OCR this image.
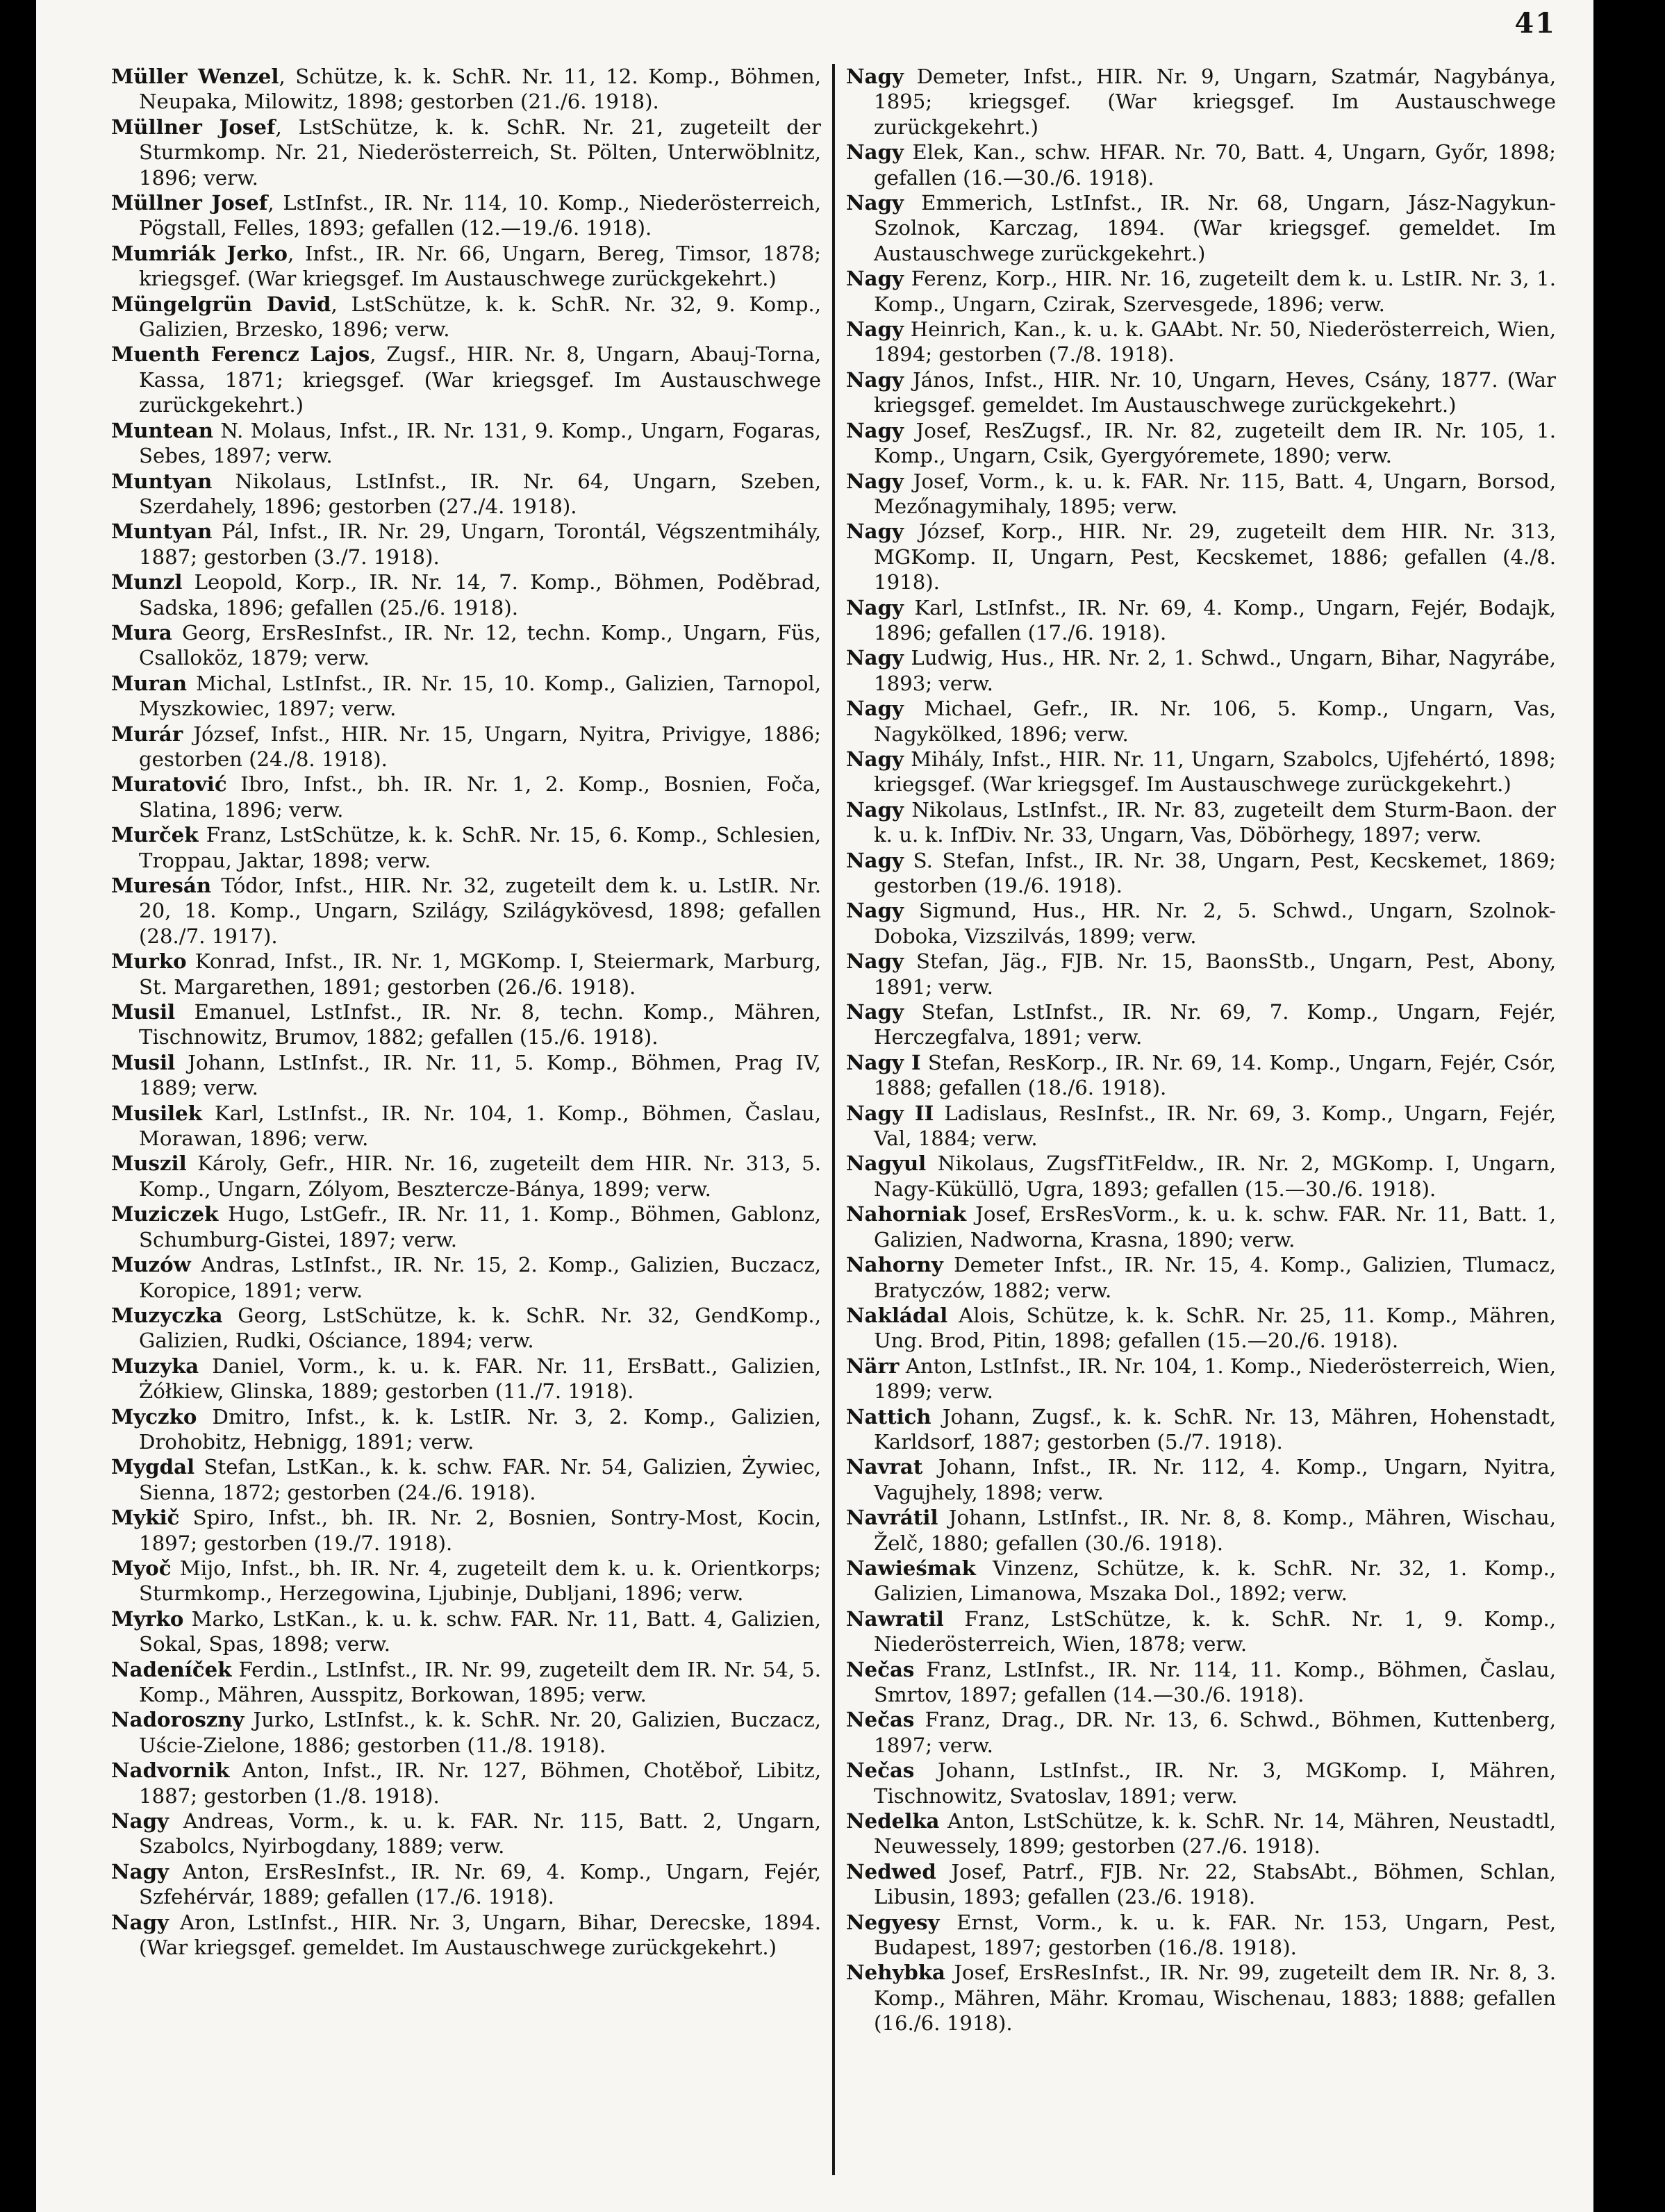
41

Müller Wenzel, Schütze, k. k. SchR. Nr. 11, 12. Komp., Böhmen, Neupaka, Milowitz, 1898; gestorben (21./6. 1918).

Müllner Josef, LstSchütze, k. k. SchR. Nr. 21, zugeteilt der Sturmkomp. Nr. 21, Niederösterreich, St. Pölten, Unterwöblnitz, 1896; verw.

Müllner Josef, LstInfst., IR. Nr. 114, 10. Komp., Niederösterreich, Pögstall, Felles, 1893; gefallen (12.—19./6. 1918).

Mumriák Jerko, Infst., IR. Nr. 66, Ungarn, Bereg, Timsor, 1878; kriegsgef. (War kriegsgef. Im Austauschwege zurückgekehrt.)

Müngelgrün David, LstSchütze, k. k. SchR. Nr. 32, 9. Komp., Galizien, Brzesko, 1896; verw.

Muenth Ferencz Lajos, Zugsf., HIR. Nr. 8, Ungarn, Abauj-Torna, Kassa, 1871; kriegsgef. (War kriegsgef. Im Austauschwege zurückgekehrt.)

Muntean N. Molaus, Infst., IR. Nr. 131, 9. Komp., Ungarn, Fogaras, Sebes, 1897; verw.

Muntyan Nikolaus, LstInfst., IR. Nr. 64, Ungarn, Szeben, Szerdahely, 1896; gestorben (27./4. 1918).

Muntyan Pál, Infst., IR. Nr. 29, Ungarn, Torontál, Végszentmihály, 1887; gestorben (3./7. 1918).

Munzl Leopold, Korp., IR. Nr. 14, 7. Komp., Böhmen, Poděbrad, Sadska, 1896; gefallen (25./6. 1918).

Mura Georg, ErsResInfst., IR. Nr. 12, techn. Komp., Ungarn, Füs, Csalloköz, 1879; verw.

Muran Michal, LstInfst., IR. Nr. 15, 10. Komp., Galizien, Tarnopol, Myszkowiec, 1897; verw.

Murár József, Infst., HIR. Nr. 15, Ungarn, Nyitra, Privigye, 1886; gestorben (24./8. 1918).

Muratović Ibro, Infst., bh. IR. Nr. 1, 2. Komp., Bosnien, Foča, Slatina, 1896; verw.

Murček Franz, LstSchütze, k. k. SchR. Nr. 15, 6. Komp., Schlesien, Troppau, Jaktar, 1898; verw.

Muresán Tódor, Infst., HIR. Nr. 32, zugeteilt dem k. u. LstIR. Nr. 20, 18. Komp., Ungarn, Szilágy, Szilágykövesd, 1898; gefallen (28./7. 1917).

Murko Konrad, Infst., IR. Nr. 1, MGKomp. I, Steiermark, Marburg, St. Margarethen, 1891; gestorben (26./6. 1918).

Musil Emanuel, LstInfst., IR. Nr. 8, techn. Komp., Mähren, Tischnowitz, Brumov, 1882; gefallen (15./6. 1918).

Musil Johann, LstInfst., IR. Nr. 11, 5. Komp., Böhmen, Prag IV, 1889; verw.

Musilek Karl, LstInfst., IR. Nr. 104, 1. Komp., Böhmen, Časlau, Morawan, 1896; verw.

Muszil Károly, Gefr., HIR. Nr. 16, zugeteilt dem HIR. Nr. 313, 5. Komp., Ungarn, Zólyom, Besztercze-Bánya, 1899; verw.

Muziczek Hugo, LstGefr., IR. Nr. 11, 1. Komp., Böhmen, Gablonz, Schumburg-Gistei, 1897; verw.

Muzów Andras, LstInfst., IR. Nr. 15, 2. Komp., Galizien, Buczacz, Koropice, 1891; verw.

Muzyczka Georg, LstSchütze, k. k. SchR. Nr. 32, GendKomp., Galizien, Rudki, Ościance, 1894; verw.

Muzyka Daniel, Vorm., k. u. k. FAR. Nr. 11, ErsBatt., Galizien, Żółkiew, Glinska, 1889; gestorben (11./7. 1918).

Myczko Dmitro, Infst., k. k. LstIR. Nr. 3, 2. Komp., Galizien, Drohobitz, Hebnigg, 1891; verw.

Mygdal Stefan, LstKan., k. k. schw. FAR. Nr. 54, Galizien, Żywiec, Sienna, 1872; gestorben (24./6. 1918).

Mykič Spiro, Infst., bh. IR. Nr. 2, Bosnien, Sontry-Most, Kocin, 1897; gestorben (19./7. 1918).

Myoč Mijo, Infst., bh. IR. Nr. 4, zugeteilt dem k. u. k. Orientkorps; Sturmkomp., Herzegowina, Ljubinje, Dubljani, 1896; verw.

Myrko Marko, LstKan., k. u. k. schw. FAR. Nr. 11, Batt. 4, Galizien, Sokal, Spas, 1898; verw.

Nadeníček Ferdin., LstInfst., IR. Nr. 99, zugeteilt dem IR. Nr. 54, 5. Komp., Mähren, Ausspitz, Borkowan, 1895; verw.

Nadoroszny Jurko, LstInfst., k. k. SchR. Nr. 20, Galizien, Buczacz, Uście-Zielone, 1886; gestorben (11./8. 1918).

Nadvornik Anton, Infst., IR. Nr. 127, Böhmen, Chotěboř, Libitz, 1887; gestorben (1./8. 1918).

Nagy Andreas, Vorm., k. u. k. FAR. Nr. 115, Batt. 2, Ungarn, Szabolcs, Nyirbogdany, 1889; verw.

Nagy Anton, ErsResInfst., IR. Nr. 69, 4. Komp., Ungarn, Fejér, Szfehérvár, 1889; gefallen (17./6. 1918).

Nagy Aron, LstInfst., HIR. Nr. 3, Ungarn, Bihar, Derecske, 1894. (War kriegsgef. gemeldet. Im Austauschwege zurückgekehrt.)

Nagy Demeter, Infst., HIR. Nr. 9, Ungarn, Szatmár, Nagybánya, 1895; kriegsgef. (War kriegsgef. Im Austauschwege zurückgekehrt.)

Nagy Elek, Kan., schw. HFAR. Nr. 70, Batt. 4, Ungarn, Győr, 1898; gefallen (16.—30./6. 1918).

Nagy Emmerich, LstInfst., IR. Nr. 68, Ungarn, Jász-Nagykun-Szolnok, Karczag, 1894. (War kriegsgef. gemeldet. Im Austauschwege zurückgekehrt.)

Nagy Ferenz, Korp., HIR. Nr. 16, zugeteilt dem k. u. LstIR. Nr. 3, 1. Komp., Ungarn, Czirak, Szervesgede, 1896; verw.

Nagy Heinrich, Kan., k. u. k. GAAbt. Nr. 50, Niederösterreich, Wien, 1894; gestorben (7./8. 1918).

Nagy János, Infst., HIR. Nr. 10, Ungarn, Heves, Csány, 1877. (War kriegsgef. gemeldet. Im Austauschwege zurückgekehrt.)

Nagy Josef, ResZugsf., IR. Nr. 82, zugeteilt dem IR. Nr. 105, 1. Komp., Ungarn, Csik, Gyergyóremete, 1890; verw.

Nagy Josef, Vorm., k. u. k. FAR. Nr. 115, Batt. 4, Ungarn, Borsod, Mezőnagymihaly, 1895; verw.

Nagy József, Korp., HIR. Nr. 29, zugeteilt dem HIR. Nr. 313, MGKomp. II, Ungarn, Pest, Kecskemet, 1886; gefallen (4./8. 1918).

Nagy Karl, LstInfst., IR. Nr. 69, 4. Komp., Ungarn, Fejér, Bodajk, 1896; gefallen (17./6. 1918).

Nagy Ludwig, Hus., HR. Nr. 2, 1. Schwd., Ungarn, Bihar, Nagyrábe, 1893; verw.

Nagy Michael, Gefr., IR. Nr. 106, 5. Komp., Ungarn, Vas, Nagykölked, 1896; verw.

Nagy Mihály, Infst., HIR. Nr. 11, Ungarn, Szabolcs, Ujfehértó, 1898; kriegsgef. (War kriegsgef. Im Austauschwege zurückgekehrt.)

Nagy Nikolaus, LstInfst., IR. Nr. 83, zugeteilt dem Sturm-Baon. der k. u. k. InfDiv. Nr. 33, Ungarn, Vas, Döbörhegy, 1897; verw.

Nagy S. Stefan, Infst., IR. Nr. 38, Ungarn, Pest, Kecskemet, 1869; gestorben (19./6. 1918).

Nagy Sigmund, Hus., HR. Nr. 2, 5. Schwd., Ungarn, Szolnok-Doboka, Vizszilvás, 1899; verw.

Nagy Stefan, Jäg., FJB. Nr. 15, BaonsStb., Ungarn, Pest, Abony, 1891; verw.

Nagy Stefan, LstInfst., IR. Nr. 69, 7. Komp., Ungarn, Fejér, Herczegfalva, 1891; verw.

Nagy I Stefan, ResKorp., IR. Nr. 69, 14. Komp., Ungarn, Fejér, Csór, 1888; gefallen (18./6. 1918).

Nagy II Ladislaus, ResInfst., IR. Nr. 69, 3. Komp., Ungarn, Fejér, Val, 1884; verw.

Nagyul Nikolaus, ZugsfTitFeldw., IR. Nr. 2, MGKomp. I, Ungarn, Nagy-Küküllö, Ugra, 1893; gefallen (15.—30./6. 1918).

Nahorniak Josef, ErsResVorm., k. u. k. schw. FAR. Nr. 11, Batt. 1, Galizien, Nadworna, Krasna, 1890; verw.

Nahorny Demeter Infst., IR. Nr. 15, 4. Komp., Galizien, Tlumacz, Bratyczów, 1882; verw.

Nakládal Alois, Schütze, k. k. SchR. Nr. 25, 11. Komp., Mähren, Ung. Brod, Pitin, 1898; gefallen (15.—20./6. 1918).

Närr Anton, LstInfst., IR. Nr. 104, 1. Komp., Niederösterreich, Wien, 1899; verw.

Nattich Johann, Zugsf., k. k. SchR. Nr. 13, Mähren, Hohenstadt, Karldsorf, 1887; gestorben (5./7. 1918).

Navrat Johann, Infst., IR. Nr. 112, 4. Komp., Ungarn, Nyitra, Vagujhely, 1898; verw.

Navrátil Johann, LstInfst., IR. Nr. 8, 8. Komp., Mähren, Wischau, Želč, 1880; gefallen (30./6. 1918).

Nawieśmak Vinzenz, Schütze, k. k. SchR. Nr. 32, 1. Komp., Galizien, Limanowa, Mszaka Dol., 1892; verw.

Nawratil Franz, LstSchütze, k. k. SchR. Nr. 1, 9. Komp., Niederösterreich, Wien, 1878; verw.

Nečas Franz, LstInfst., IR. Nr. 114, 11. Komp., Böhmen, Časlau, Smrtov, 1897; gefallen (14.—30./6. 1918).

Nečas Franz, Drag., DR. Nr. 13, 6. Schwd., Böhmen, Kuttenberg, 1897; verw.

Nečas Johann, LstInfst., IR. Nr. 3, MGKomp. I, Mähren, Tischnowitz, Svatoslav, 1891; verw.

Nedelka Anton, LstSchütze, k. k. SchR. Nr. 14, Mähren, Neustadtl, Neuwessely, 1899; gestorben (27./6. 1918).

Nedwed Josef, Patrf., FJB. Nr. 22, StabsAbt., Böhmen, Schlan, Libusin, 1893; gefallen (23./6. 1918).

Negyesy Ernst, Vorm., k. u. k. FAR. Nr. 153, Ungarn, Pest, Budapest, 1897; gestorben (16./8. 1918).

Nehybka Josef, ErsResInfst., IR. Nr. 99, zugeteilt dem IR. Nr. 8, 3. Komp., Mähren, Mähr. Kromau, Wischenau, 1883; 1888; gefallen (16./6. 1918).
